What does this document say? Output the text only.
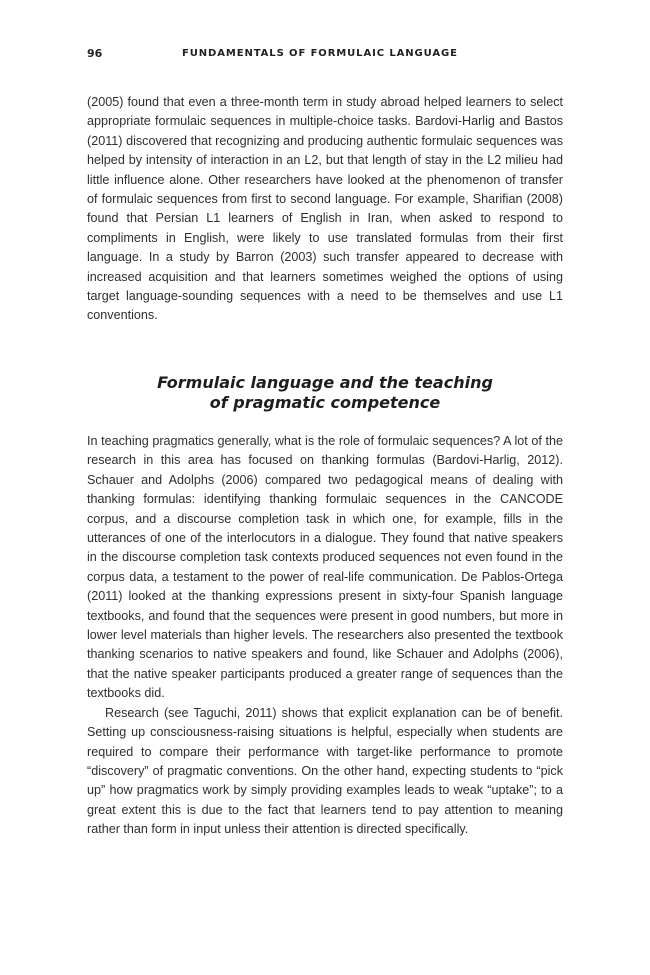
96	FUNDAMENTALS OF FORMULAIC LANGUAGE

(2005) found that even a three-month term in study abroad helped learners to select appropriate formulaic sequences in multiple-choice tasks. Bardovi-Harlig and Bastos (2011) discovered that recognizing and producing authentic formulaic sequences was helped by intensity of interaction in an L2, but that length of stay in the L2 milieu had little influence alone. Other researchers have looked at the phenomenon of transfer of formulaic sequences from first to second language. For example, Sharifian (2008) found that Persian L1 learners of English in Iran, when asked to respond to compliments in English, were likely to use translated formulas from their first language. In a study by Barron (2003) such transfer appeared to decrease with increased acquisition and that learners sometimes weighed the options of using target language-sounding sequences with a need to be themselves and use L1 conventions.

Formulaic language and the teaching
of pragmatic competence

In teaching pragmatics generally, what is the role of formulaic sequences? A lot of the research in this area has focused on thanking formulas (Bardovi-Harlig, 2012). Schauer and Adolphs (2006) compared two pedagogical means of dealing with thanking formulas: identifying thanking formulaic sequences in the CANCODE corpus, and a discourse completion task in which one, for example, fills in the utterances of one of the interlocutors in a dialogue. They found that native speakers in the discourse completion task contexts produced sequences not even found in the corpus data, a testament to the power of real-life communication. De Pablos-Ortega (2011) looked at the thanking expressions present in sixty-four Spanish language textbooks, and found that the sequences were present in good numbers, but more in lower level materials than higher levels. The researchers also presented the textbook thanking scenarios to native speakers and found, like Schauer and Adolphs (2006), that the native speaker participants produced a greater range of sequences than the textbooks did.

Research (see Taguchi, 2011) shows that explicit explanation can be of benefit. Setting up consciousness-raising situations is helpful, especially when students are required to compare their performance with target-like performance to promote “discovery” of pragmatic conventions. On the other hand, expecting students to “pick up” how pragmatics work by simply providing examples leads to weak “uptake”; to a great extent this is due to the fact that learners tend to pay attention to meaning rather than form in input unless their attention is directed specifically.
